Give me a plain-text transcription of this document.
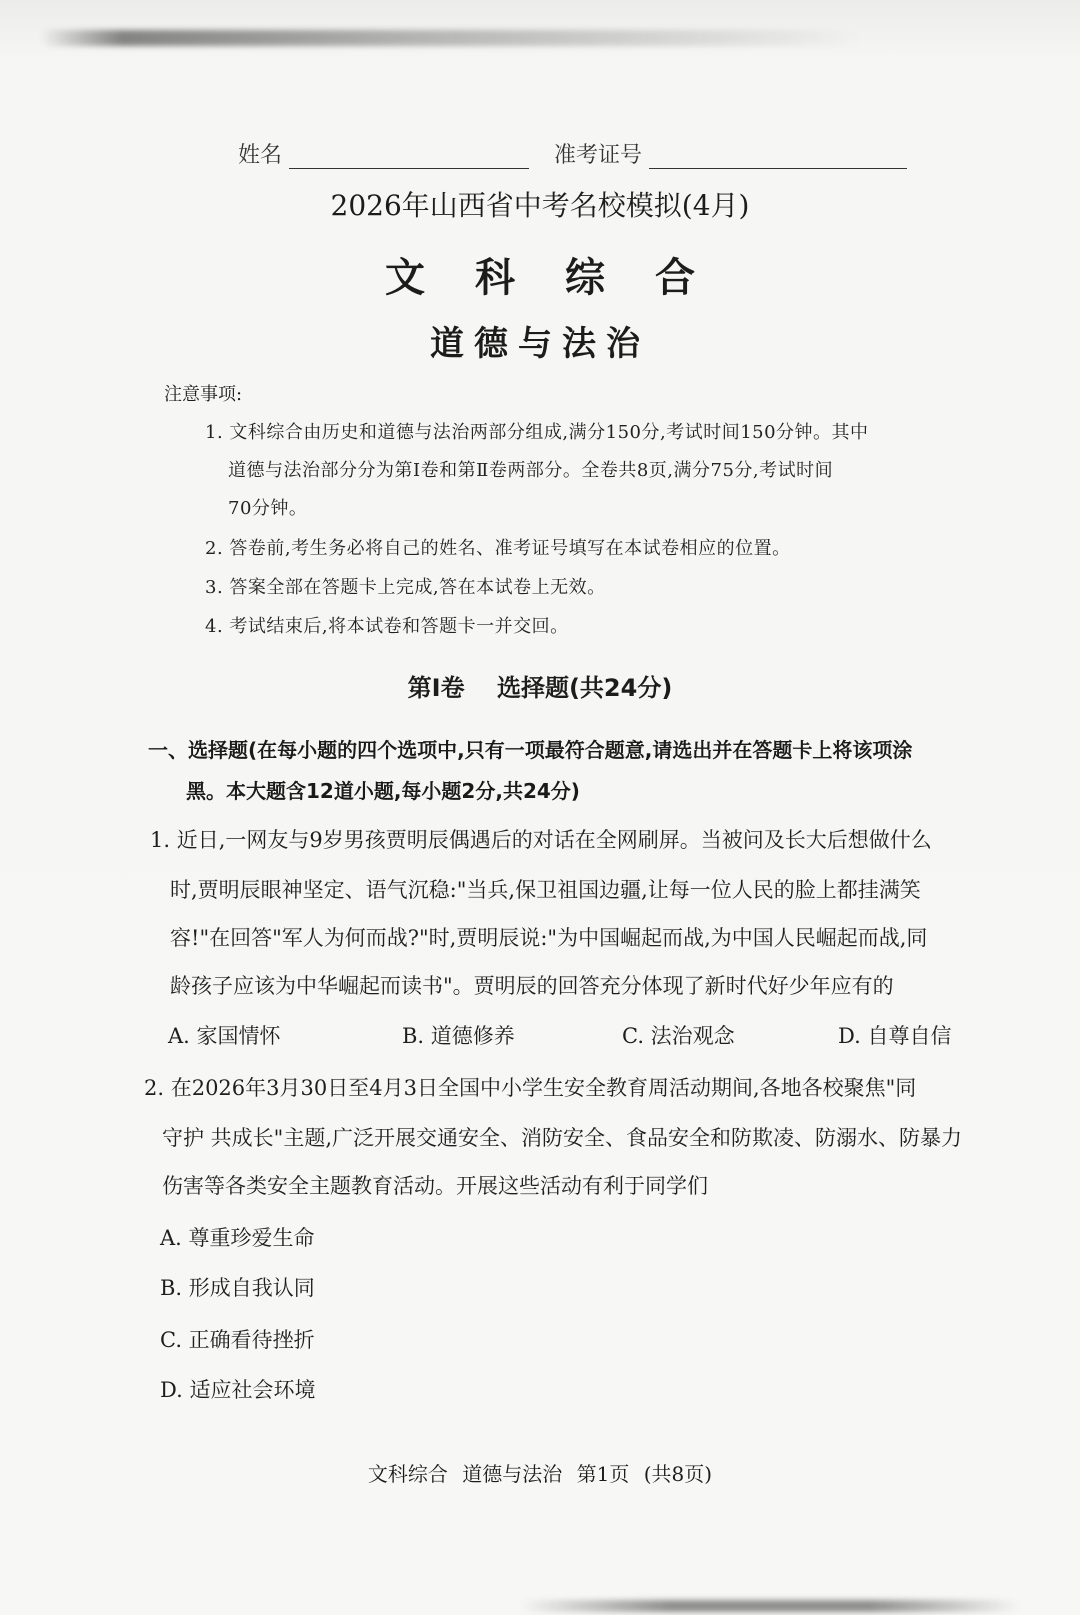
姓名	准考证号
2026年山西省中考名校模拟(4月)
文科综合
道德与法治
注意事项:
1. 文科综合由历史和道德与法治两部分组成,满分150分,考试时间150分钟。其中
道德与法治部分分为第Ⅰ卷和第Ⅱ卷两部分。全卷共8页,满分75分,考试时间
70分钟。
2. 答卷前,考生务必将自己的姓名、准考证号填写在本试卷相应的位置。
3. 答案全部在答题卡上完成,答在本试卷上无效。
4. 考试结束后,将本试卷和答题卡一并交回。
第Ⅰ卷 选择题(共24分)
一、选择题(在每小题的四个选项中,只有一项最符合题意,请选出并在答题卡上将该项涂
黑。本大题含12道小题,每小题2分,共24分)
1. 近日,一网友与9岁男孩贾明辰偶遇后的对话在全网刷屏。当被问及长大后想做什么
时,贾明辰眼神坚定、语气沉稳:"当兵,保卫祖国边疆,让每一位人民的脸上都挂满笑
容!"在回答"军人为何而战?"时,贾明辰说:"为中国崛起而战,为中国人民崛起而战,同
龄孩子应该为中华崛起而读书"。贾明辰的回答充分体现了新时代好少年应有的
A. 家国情怀	B. 道德修养	C. 法治观念	D. 自尊自信
2. 在2026年3月30日至4月3日全国中小学生安全教育周活动期间,各地各校聚焦"同
守护 共成长"主题,广泛开展交通安全、消防安全、食品安全和防欺凌、防溺水、防暴力
伤害等各类安全主题教育活动。开展这些活动有利于同学们
A. 尊重珍爱生命
B. 形成自我认同
C. 正确看待挫折
D. 适应社会环境
文科综合 道德与法治 第1页 (共8页)
